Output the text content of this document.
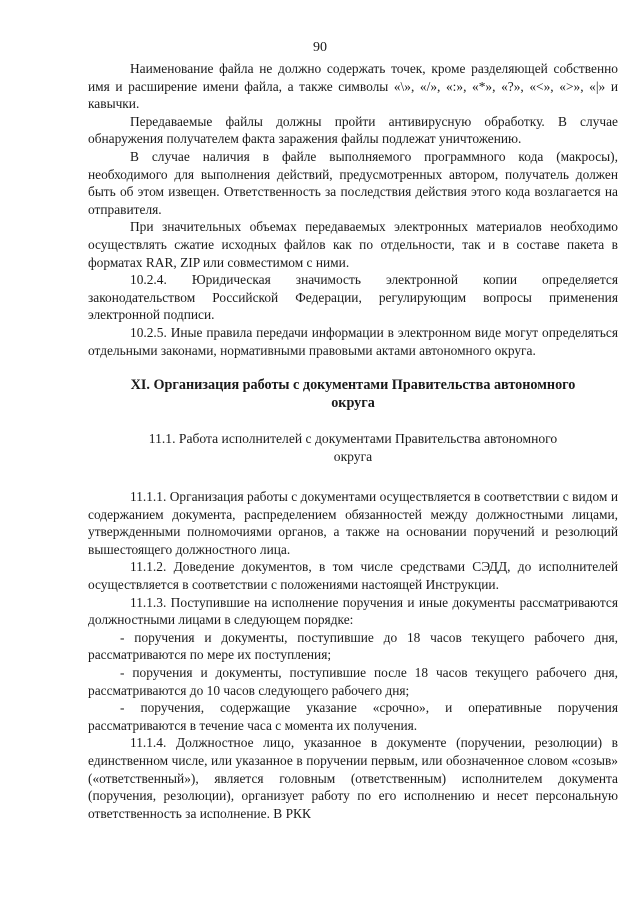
90

Наименование файла не должно содержать точек, кроме разделяющей собственно имя и расширение имени файла, а также символы «\», «/», «:», «*», «?», «<», «>», «|» и кавычки.

Передаваемые файлы должны пройти антивирусную обработку. В случае обнаружения получателем факта заражения файлы подлежат уничтожению.

В случае наличия в файле выполняемого программного кода (макросы), необходимого для выполнения действий, предусмотренных автором, получатель должен быть об этом извещен. Ответственность за последствия действия этого кода возлагается на отправителя.

При значительных объемах передаваемых электронных материалов необходимо осуществлять сжатие исходных файлов как по отдельности, так и в составе пакета в форматах RAR, ZIP или совместимом с ними.

10.2.4. Юридическая значимость электронной копии определяется законодательством Российской Федерации, регулирующим вопросы применения электронной подписи.

10.2.5. Иные правила передачи информации в электронном виде могут определяться отдельными законами, нормативными правовыми актами автономного округа.

XI. Организация работы с документами Правительства автономного округа
11.1. Работа исполнителей с документами Правительства автономного округа

11.1.1. Организация работы с документами осуществляется в соответствии с видом и содержанием документа, распределением обязанностей между должностными лицами, утвержденными полномочиями органов, а также на основании поручений и резолюций вышестоящего должностного лица.

11.1.2. Доведение документов, в том числе средствами СЭДД, до исполнителей осуществляется в соответствии с положениями настоящей Инструкции.

11.1.3. Поступившие на исполнение поручения и иные документы рассматриваются должностными лицами в следующем порядке:

- поручения и документы, поступившие до 18 часов текущего рабочего дня, рассматриваются по мере их поступления;

- поручения и документы, поступившие после 18 часов текущего рабочего дня, рассматриваются до 10 часов следующего рабочего дня;

- поручения, содержащие указание «срочно», и оперативные поручения рассматриваются в течение часа с момента их получения.

11.1.4. Должностное лицо, указанное в документе (поручении, резолюции) в единственном числе, или указанное в поручении первым, или обозначенное словом «созыв» («ответственный»), является головным (ответственным) исполнителем документа (поручения, резолюции), организует работу по его исполнению и несет персональную ответственность за исполнение. В РКК
